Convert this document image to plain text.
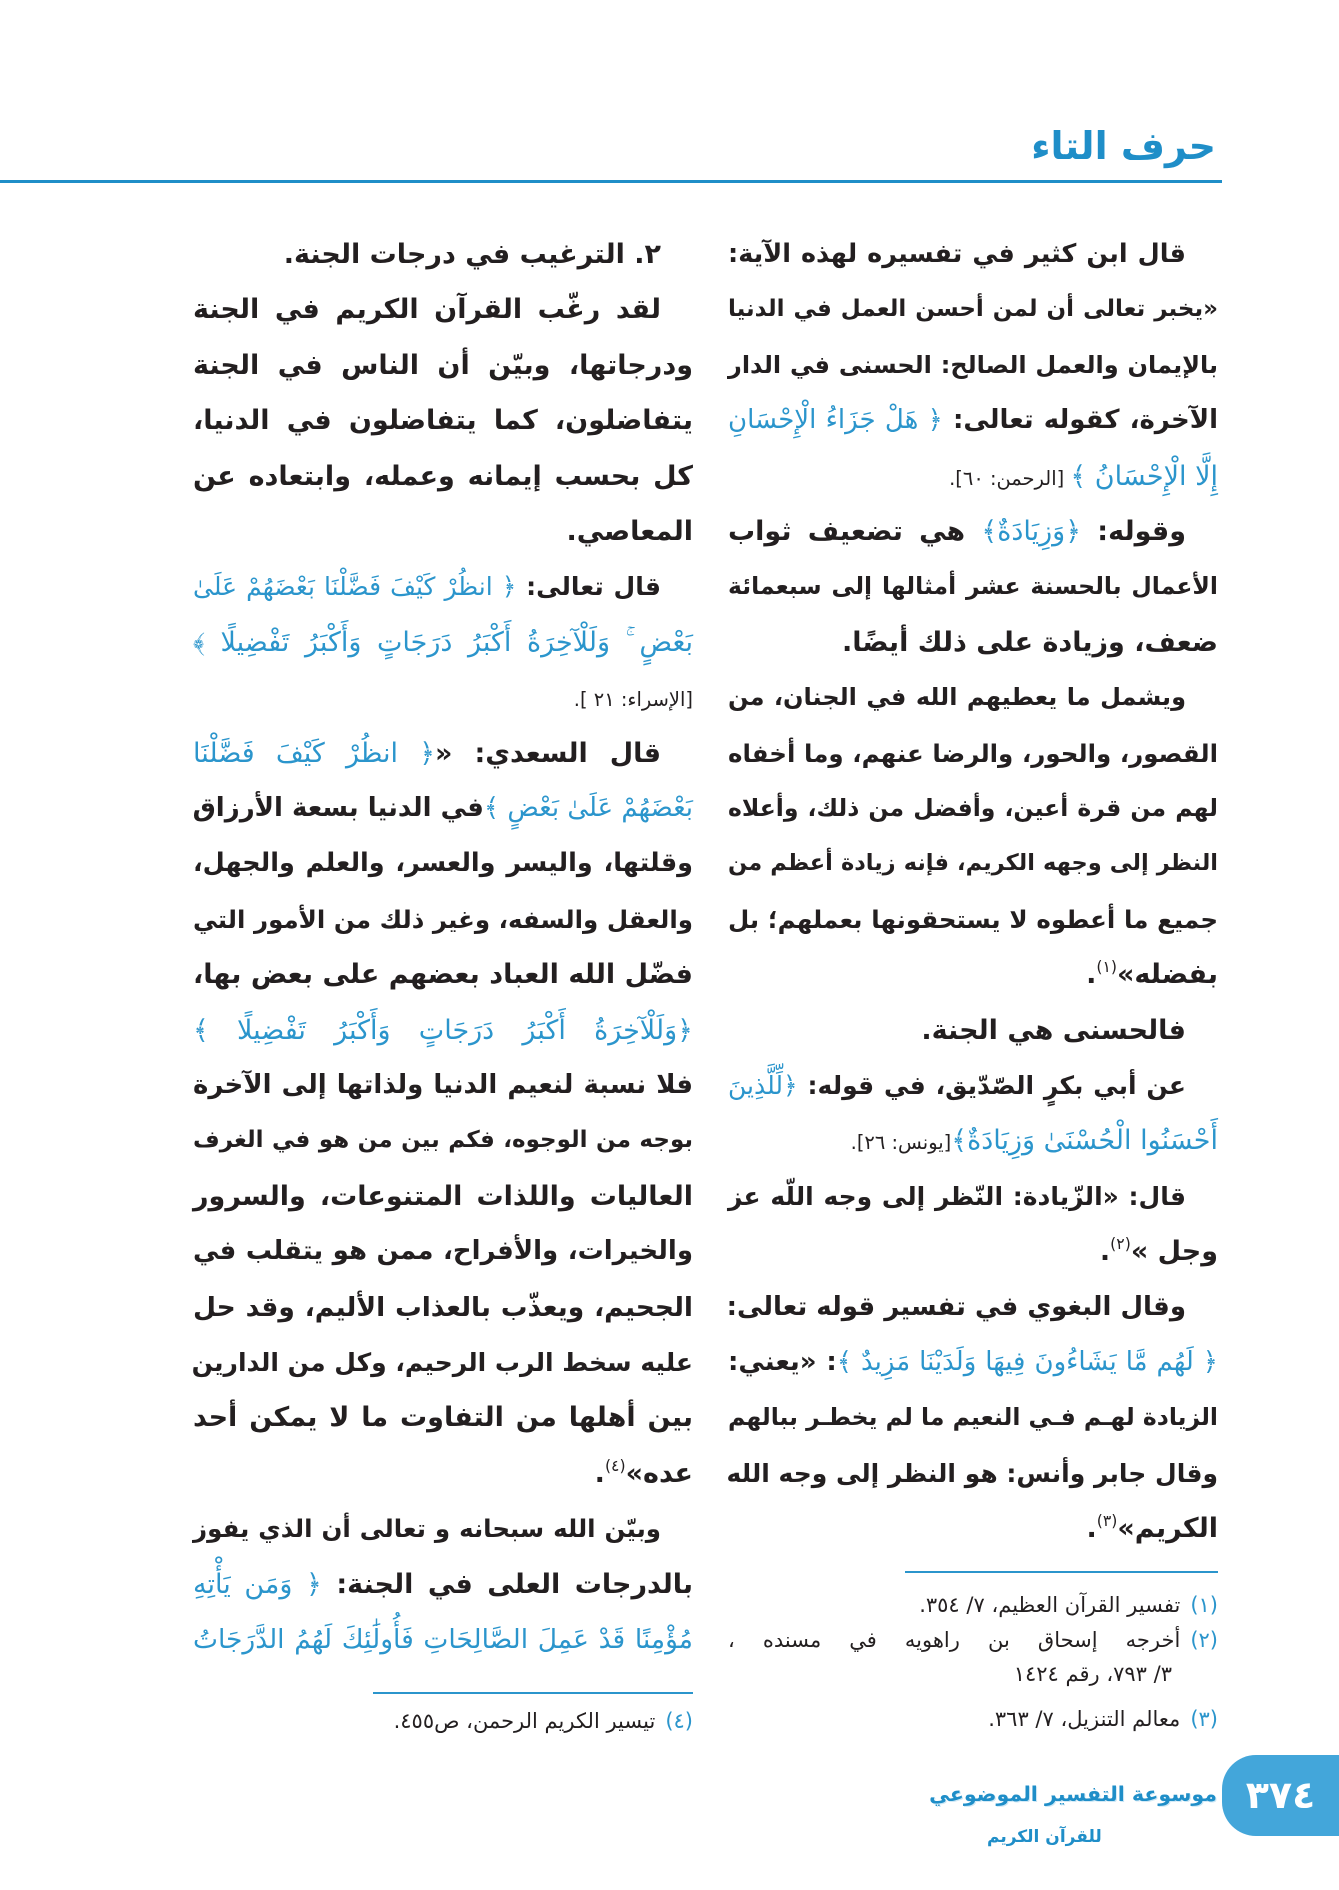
حرف التاء
قال ابن كثير في تفسيره لهذه الآية:
«يخبر تعالى أن لمن أحسن العمل في الدنيا
بالإيمان والعمل الصالح: الحسنى في الدار
الآخرة، كقوله تعالى: ﴿ هَلْ جَزَاءُ الْإِحْسَانِ
إِلَّا الْإِحْسَانُ ﴾ [الرحمن: ٦٠].
وقوله: ﴿وَزِيَادَةٌ﴾ هي تضعيف ثواب
الأعمال بالحسنة عشر أمثالها إلى سبعمائة
ضعف، وزيادة على ذلك أيضًا.
ويشمل ما يعطيهم الله في الجنان، من
القصور، والحور، والرضا عنهم، وما أخفاه
لهم من قرة أعين، وأفضل من ذلك، وأعلاه
النظر إلى وجهه الكريم، فإنه زيادة أعظم من
جميع ما أعطوه لا يستحقونها بعملهم؛ بل
بفضله»$^{(١)}$.
فالحسنى هي الجنة.
عن أبي بكرٍ الصّدّيق، في قوله: ﴿لِّلَّذِينَ
أَحْسَنُوا الْحُسْنَىٰ وَزِيَادَةٌ﴾[يونس: ٢٦].
قال: «الزّيادة: النّظر إلى وجه اللّه عز
وجل »$^{(٢)}$.
وقال البغوي في تفسير قوله تعالى:
﴿ لَهُم مَّا يَشَاءُونَ فِيهَا وَلَدَيْنَا مَزِيدٌ ﴾: «يعني:
الزيادة لهـم فـي النعيم ما لم يخطـر ببالهم
وقال جابر وأنس: هو النظر إلى وجه الله
الكريم»$^{(٣)}$.
(١)تفسير القرآن العظيم، ٧/ ٣٥٤.
(٢)أخرجه إسحاق بن راهويه في مسنده ،
٣/ ٧٩٣، رقم ١٤٢٤
(٣)معالم التنزيل، ٧/ ٣٦٣.
٢. الترغيب في درجات الجنة.
لقد رغّب القرآن الكريم في الجنة
ودرجاتها، وبيّن أن الناس في الجنة
يتفاضلون، كما يتفاضلون في الدنيا،
كل بحسب إيمانه وعمله، وابتعاده عن
المعاصي.
قال تعالى: ﴿ انظُرْ كَيْفَ فَضَّلْنَا بَعْضَهُمْ عَلَىٰ
بَعْضٍ ۚ وَلَلْآخِرَةُ أَكْبَرُ دَرَجَاتٍ وَأَكْبَرُ تَفْضِيلًا ﴾
[الإسراء: ٢١ ].
قال السعدي: «﴿ انظُرْ كَيْفَ فَضَّلْنَا
بَعْضَهُمْ عَلَىٰ بَعْضٍ ﴾في الدنيا بسعة الأرزاق
وقلتها، واليسر والعسر، والعلم والجهل،
والعقل والسفه، وغير ذلك من الأمور التي
فضّل الله العباد بعضهم على بعض بها،
﴿وَلَلْآخِرَةُ أَكْبَرُ دَرَجَاتٍ وَأَكْبَرُ تَفْضِيلًا ﴾
فلا نسبة لنعيم الدنيا ولذاتها إلى الآخرة
بوجه من الوجوه، فكم بين من هو في الغرف
العاليات واللذات المتنوعات، والسرور
والخيرات، والأفراح، ممن هو يتقلب في
الجحيم، ويعذّب بالعذاب الأليم، وقد حل
عليه سخط الرب الرحيم، وكل من الدارين
بين أهلها من التفاوت ما لا يمكن أحد
عده»$^{(٤)}$.
وبيّن الله سبحانه و تعالى أن الذي يفوز
بالدرجات العلى في الجنة: ﴿ وَمَن يَأْتِهِ
مُؤْمِنًا قَدْ عَمِلَ الصَّالِحَاتِ فَأُولَٰئِكَ لَهُمُ الدَّرَجَاتُ
(٤)تيسير الكريم الرحمن، ص٤٥٥.
موسوعة التفسير الموضوعي
للقرآن الكريم
٣٧٤
